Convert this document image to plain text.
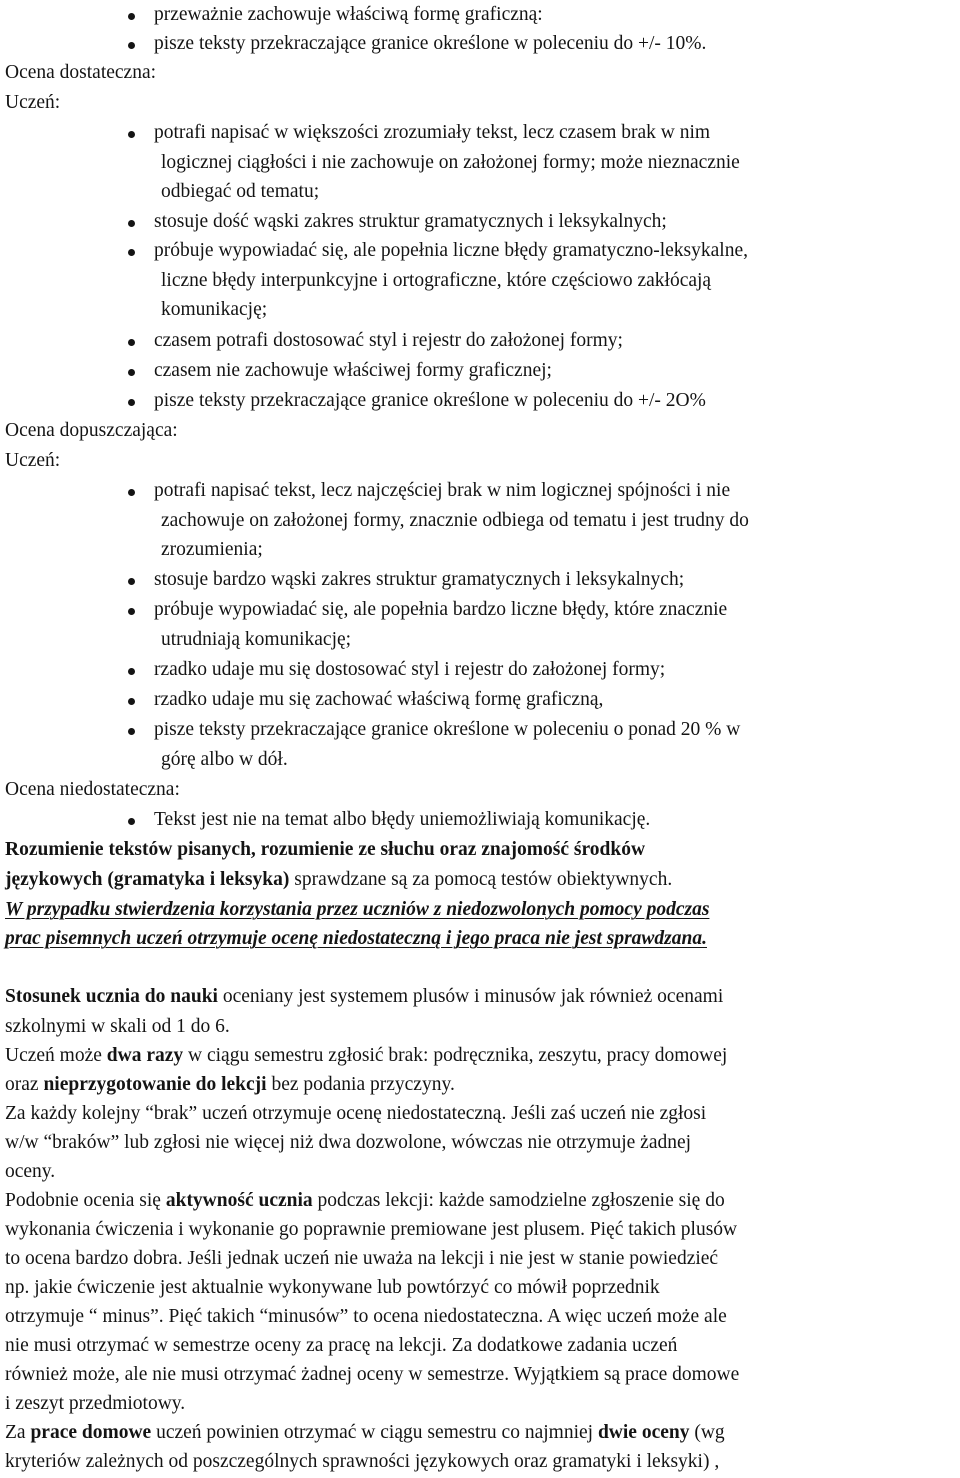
przeważnie zachowuje właściwą formę graficzną:
pisze teksty przekraczające granice określone w poleceniu do +/- 10%.
Ocena dostateczna:
Uczeń:
potrafi napisać w większości zrozumiały tekst, lecz czasem brak w nim
logicznej ciągłości i nie zachowuje on założonej formy; może nieznacznie
odbiegać od tematu;
stosuje dość wąski zakres struktur gramatycznych i leksykalnych;
próbuje wypowiadać się, ale popełnia liczne błędy gramatyczno-leksykalne,
liczne błędy interpunkcyjne i ortograficzne, które częściowo zakłócają
komunikację;
czasem potrafi dostosować styl i rejestr do założonej formy;
czasem nie zachowuje właściwej formy graficznej;
pisze teksty przekraczające granice określone w poleceniu do +/- 2O%
Ocena dopuszczająca:
Uczeń:
potrafi napisać tekst, lecz najczęściej brak w nim logicznej spójności i nie
zachowuje on założonej formy, znacznie odbiega od tematu i jest trudny do
zrozumienia;
stosuje bardzo wąski zakres struktur gramatycznych i leksykalnych;
próbuje wypowiadać się, ale popełnia bardzo liczne błędy, które znacznie
utrudniają komunikację;
rzadko udaje mu się dostosować styl i rejestr do założonej formy;
rzadko udaje mu się zachować właściwą formę graficzną,
pisze teksty przekraczające granice określone w poleceniu o ponad 20 % w
górę albo w dół.
Ocena niedostateczna:
Tekst jest nie na temat albo błędy uniemożliwiają komunikację.
Rozumienie tekstów pisanych, rozumienie ze słuchu oraz znajomość środków
językowych (gramatyka i leksyka) sprawdzane są za pomocą testów obiektywnych.
W przypadku stwierdzenia korzystania przez uczniów z niedozwolonych pomocy podczas
prac pisemnych uczeń otrzymuje ocenę niedostateczną i jego praca nie jest sprawdzana.
Stosunek ucznia do nauki oceniany jest systemem plusów i minusów jak również ocenami
szkolnymi w skali od 1 do 6.
Uczeń może dwa razy w ciągu semestru zgłosić brak: podręcznika, zeszytu, pracy domowej
oraz nieprzygotowanie do lekcji bez podania przyczyny.
Za każdy kolejny “brak” uczeń otrzymuje ocenę niedostateczną. Jeśli zaś uczeń nie zgłosi
w/w “braków” lub zgłosi nie więcej niż dwa dozwolone, wówczas nie otrzymuje żadnej
oceny.
Podobnie ocenia się aktywność ucznia podczas lekcji: każde samodzielne zgłoszenie się do
wykonania ćwiczenia i wykonanie go poprawnie premiowane jest plusem. Pięć takich plusów
to ocena bardzo dobra. Jeśli jednak uczeń nie uważa na lekcji i nie jest w stanie powiedzieć
np. jakie ćwiczenie jest aktualnie wykonywane lub powtórzyć co mówił poprzednik
otrzymuje “ minus”. Pięć takich “minusów” to ocena niedostateczna. A więc uczeń może ale
nie musi otrzymać w semestrze oceny za pracę na lekcji. Za dodatkowe zadania uczeń
również może, ale nie musi otrzymać żadnej oceny w semestrze. Wyjątkiem są prace domowe
i zeszyt przedmiotowy.
Za prace domowe uczeń powinien otrzymać w ciągu semestru co najmniej dwie oceny (wg
kryteriów zależnych od poszczególnych sprawności językowych oraz gramatyki i leksyki) ,
